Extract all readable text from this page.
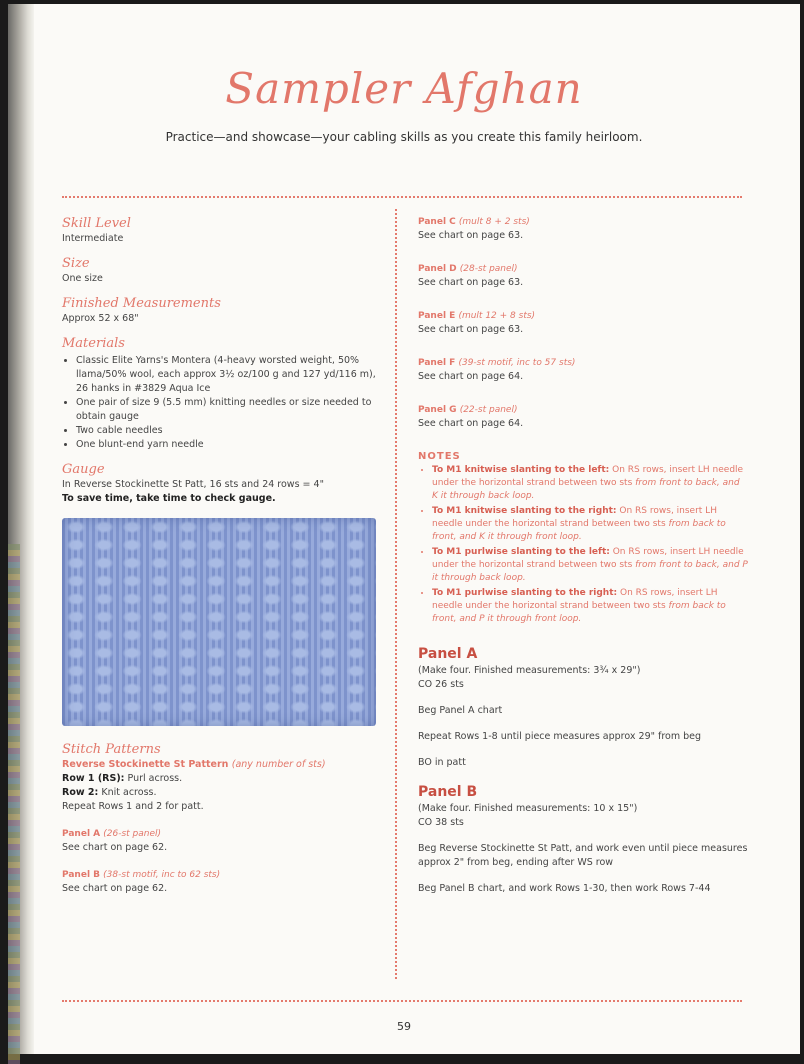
Sampler Afghan
Practice—and showcase—your cabling skills as you create this family heirloom.

Skill Level

Intermediate

Size

One size

Finished Measurements

Approx 52 x 68"

Materials

• Classic Elite Yarns's Montera (4-heavy worsted weight, 50% llama/50% wool, each approx 3½ oz/100 g and 127 yd/116 m), 26 hanks in #3829 Aqua Ice
• One pair of size 9 (5.5 mm) knitting needles or size needed to obtain gauge
• Two cable needles
• One blunt-end yarn needle

Gauge

In Reverse Stockinette St Patt, 16 sts and 24 rows = 4"

To save time, take time to check gauge.

Stitch Patterns

Reverse Stockinette St Pattern (any number of sts)

Row 1 (RS): Purl across.

Row 2: Knit across.

Repeat Rows 1 and 2 for patt.

Panel A (26-st panel)

See chart on page 62.

Panel B (38-st motif, inc to 62 sts)

See chart on page 62.

Panel C (mult 8 + 2 sts)

See chart on page 63.

Panel D (28-st panel)

See chart on page 63.

Panel E (mult 12 + 8 sts)

See chart on page 63.

Panel F (39-st motif, inc to 57 sts)

See chart on page 64.

Panel G (22-st panel)

See chart on page 64.

NOTES

• To M1 knitwise slanting to the left: On RS rows, insert LH needle under the horizontal strand between two sts from front to back, and K it through back loop.
• To M1 knitwise slanting to the right: On RS rows, insert LH needle under the horizontal strand between two sts from back to front, and K it through front loop.
• To M1 purlwise slanting to the left: On RS rows, insert LH needle under the horizontal strand between two sts from front to back, and P it through back loop.
• To M1 purlwise slanting to the right: On RS rows, insert LH needle under the horizontal strand between two sts from back to front, and P it through front loop.

Panel A

(Make four. Finished measurements: 3¾ x 29")

CO 26 sts

Beg Panel A chart

Repeat Rows 1-8 until piece measures approx 29" from beg

BO in patt

Panel B

(Make four. Finished measurements: 10 x 15")

CO 38 sts

Beg Reverse Stockinette St Patt, and work even until piece measures approx 2" from beg, ending after WS row

Beg Panel B chart, and work Rows 1-30, then work Rows 7-44

59
